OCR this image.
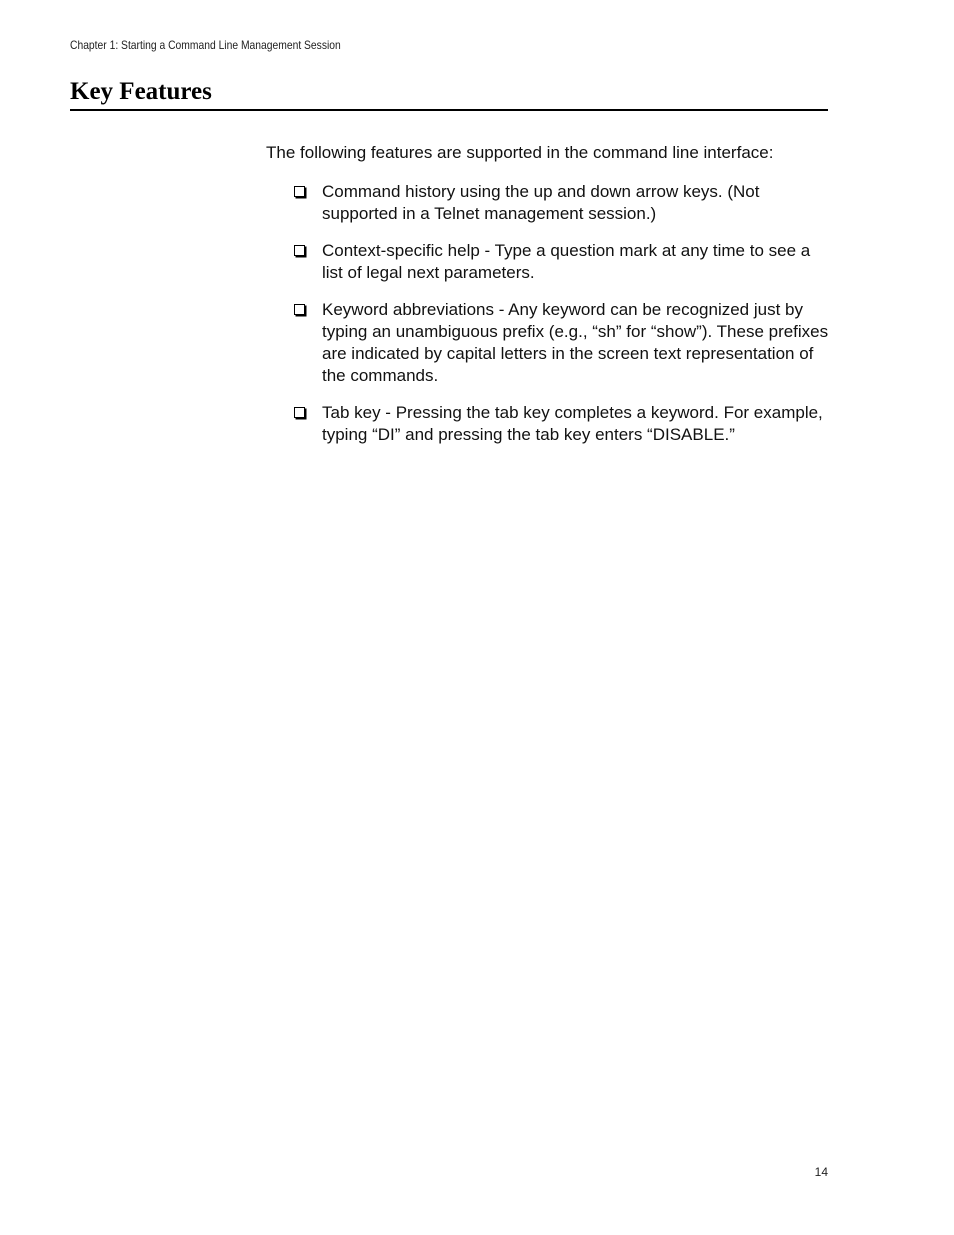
Chapter 1: Starting a Command Line Management Session
Key Features

The following features are supported in the command line interface:

Command history using the up and down arrow keys. (Not supported in a Telnet management session.)
Context-specific help - Type a question mark at any time to see a list of legal next parameters.
Keyword abbreviations - Any keyword can be recognized just by typing an unambiguous prefix (e.g., “sh” for “show”). These prefixes are indicated by capital letters in the screen text representation of the commands.
Tab key - Pressing the tab key completes a keyword. For example, typing “DI” and pressing the tab key enters “DISABLE.”
14
